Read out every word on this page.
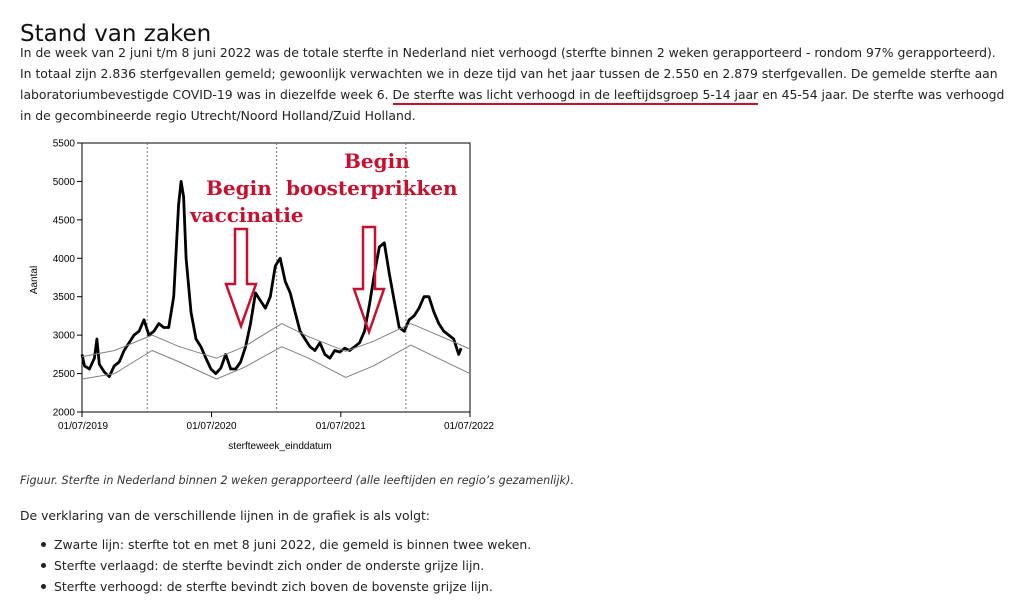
Stand van zaken

In de week van 2 juni t/m 8 juni 2022 was de totale sterfte in Nederland niet verhoogd (sterfte binnen 2 weken gerapporteerd - rondom 97% gerapporteerd). In totaal zijn 2.836 sterfgevallen gemeld; gewoonlijk verwachten we in deze tijd van het jaar tussen de 2.550 en 2.879 sterfgevallen. De gemelde sterfte aan laboratoriumbevestigde COVID-19 was in diezelfde week 6. De sterfte was licht verhoogd in de leeftijdsgroep 5-14 jaar en 45-54 jaar. De sterfte was verhoogd in de gecombineerde regio Utrecht/Noord Holland/Zuid Holland.

2000
2500
3000
3500
4000
4500
5000
5500
01/07/2019	01/07/2020	01/07/2021	01/07/2022
Aantal
sterfteweek_einddatum
Begin
vaccinatie
Begin
boosterprikken
Figuur. Sterfte in Nederland binnen 2 weken gerapporteerd (alle leeftijden en regio’s gezamenlijk).
De verklaring van de verschillende lijnen in de grafiek is als volgt:
Zwarte lijn: sterfte tot en met 8 juni 2022, die gemeld is binnen twee weken.
Sterfte verlaagd: de sterfte bevindt zich onder de onderste grijze lijn.
Sterfte verhoogd: de sterfte bevindt zich boven de bovenste grijze lijn.
